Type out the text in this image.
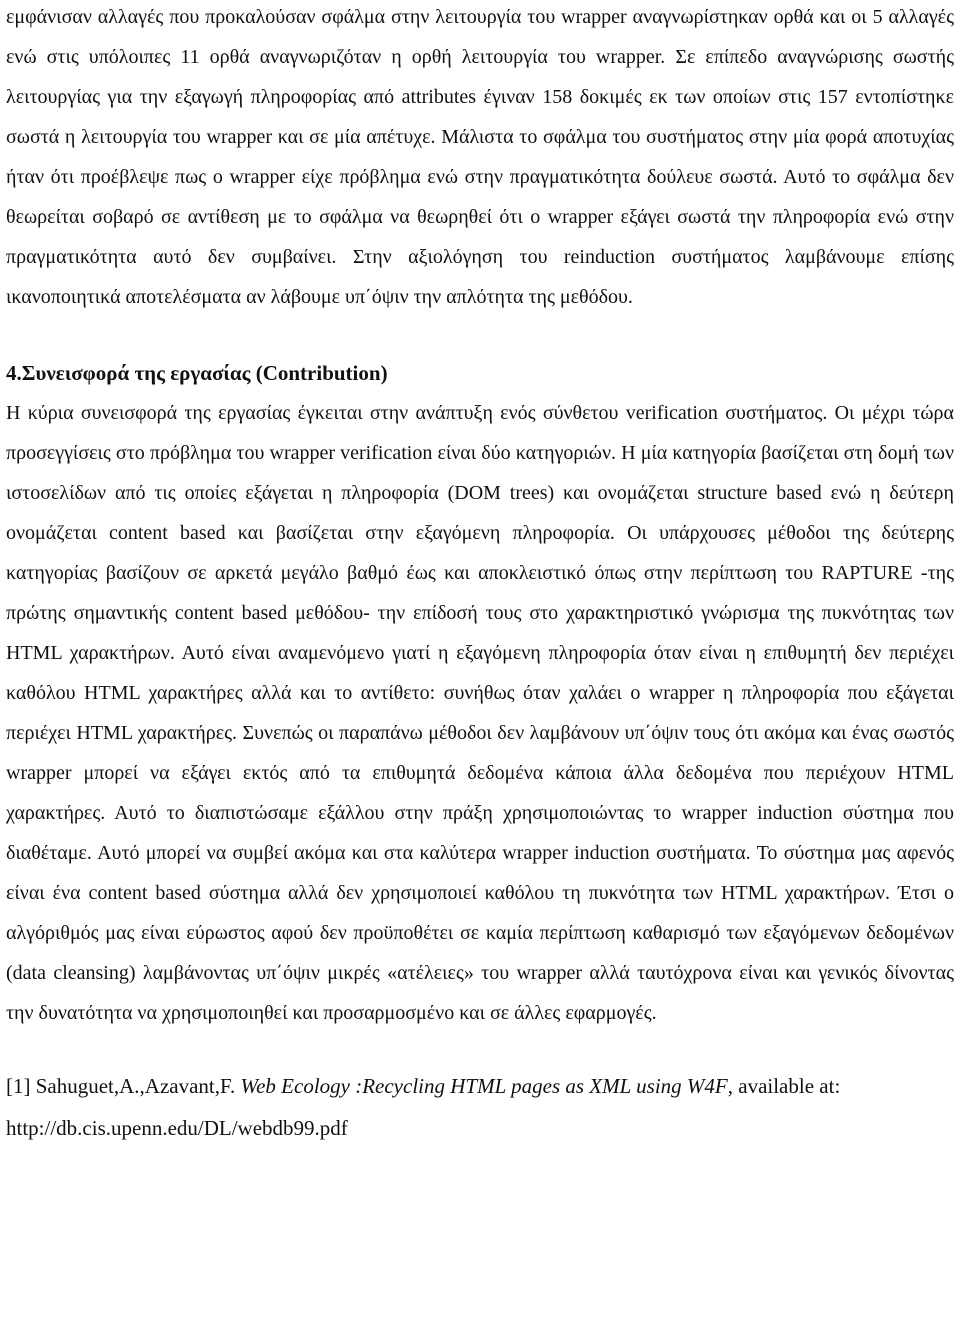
εμφάνισαν αλλαγές που προκαλούσαν σφάλμα στην λειτουργία του wrapper αναγνωρίστηκαν ορθά και οι 5 αλλαγές ενώ στις υπόλοιπες 11 ορθά αναγνωριζόταν η ορθή λειτουργία του wrapper. Σε επίπεδο αναγνώρισης σωστής λειτουργίας για την εξαγωγή πληροφορίας από attributes έγιναν 158 δοκιμές εκ των οποίων στις 157 εντοπίστηκε σωστά η λειτουργία του wrapper και σε μία απέτυχε. Μάλιστα το σφάλμα του συστήματος στην μία φορά αποτυχίας ήταν ότι προέβλεψε πως ο wrapper είχε πρόβλημα ενώ στην πραγματικότητα δούλευε σωστά. Αυτό το σφάλμα δεν θεωρείται σοβαρό σε αντίθεση με το σφάλμα να θεωρηθεί ότι ο wrapper εξάγει σωστά την πληροφορία ενώ στην πραγματικότητα αυτό δεν συμβαίνει. Στην αξιολόγηση του reinduction συστήματος λαμβάνουμε επίσης ικανοποιητικά αποτελέσματα αν λάβουμε υπ΄όψιν την απλότητα της μεθόδου.

4.Συνεισφορά της εργασίας (Contribution)

Η κύρια συνεισφορά της εργασίας έγκειται στην ανάπτυξη ενός σύνθετου verification συστήματος. Οι μέχρι τώρα προσεγγίσεις στο πρόβλημα του wrapper verification είναι δύο κατηγοριών. Η μία κατηγορία βασίζεται στη δομή των ιστοσελίδων από τις οποίες εξάγεται η πληροφορία (DOM trees) και ονομάζεται structure based ενώ η δεύτερη ονομάζεται content based και βασίζεται στην εξαγόμενη πληροφορία. Οι υπάρχουσες μέθοδοι της δεύτερης κατηγορίας βασίζουν σε αρκετά μεγάλο βαθμό έως και αποκλειστικό όπως στην περίπτωση του RAPTURE -της πρώτης σημαντικής content based μεθόδου- την επίδοσή τους στο χαρακτηριστικό γνώρισμα της πυκνότητας των HTML χαρακτήρων. Αυτό είναι αναμενόμενο γιατί η εξαγόμενη πληροφορία όταν είναι η επιθυμητή δεν περιέχει καθόλου HTML χαρακτήρες αλλά και το αντίθετο: συνήθως όταν χαλάει ο wrapper η πληροφορία που εξάγεται περιέχει HTML χαρακτήρες. Συνεπώς οι παραπάνω μέθοδοι δεν λαμβάνουν υπ΄όψιν τους ότι ακόμα και ένας σωστός wrapper μπορεί να εξάγει εκτός από τα επιθυμητά δεδομένα κάποια άλλα δεδομένα που περιέχουν HTML χαρακτήρες. Αυτό το διαπιστώσαμε εξάλλου στην πράξη χρησιμοποιώντας το wrapper induction σύστημα που διαθέταμε. Αυτό μπορεί να συμβεί ακόμα και στα καλύτερα wrapper induction συστήματα. Το σύστημα μας αφενός είναι ένα content based σύστημα αλλά δεν χρησιμοποιεί καθόλου τη πυκνότητα των HTML χαρακτήρων. Έτσι ο αλγόριθμός μας είναι εύρωστος αφού δεν προϋποθέτει σε καμία περίπτωση καθαρισμό των εξαγόμενων δεδομένων (data cleansing) λαμβάνοντας υπ΄όψιν μικρές «ατέλειες» του wrapper αλλά ταυτόχρονα είναι και γενικός δίνοντας την δυνατότητα να χρησιμοποιηθεί και προσαρμοσμένο και σε άλλες εφαρμογές.

[1] Sahuguet,A.,Azavant,F. Web Ecology :Recycling HTML pages as XML using W4F, available at: http://db.cis.upenn.edu/DL/webdb99.pdf
